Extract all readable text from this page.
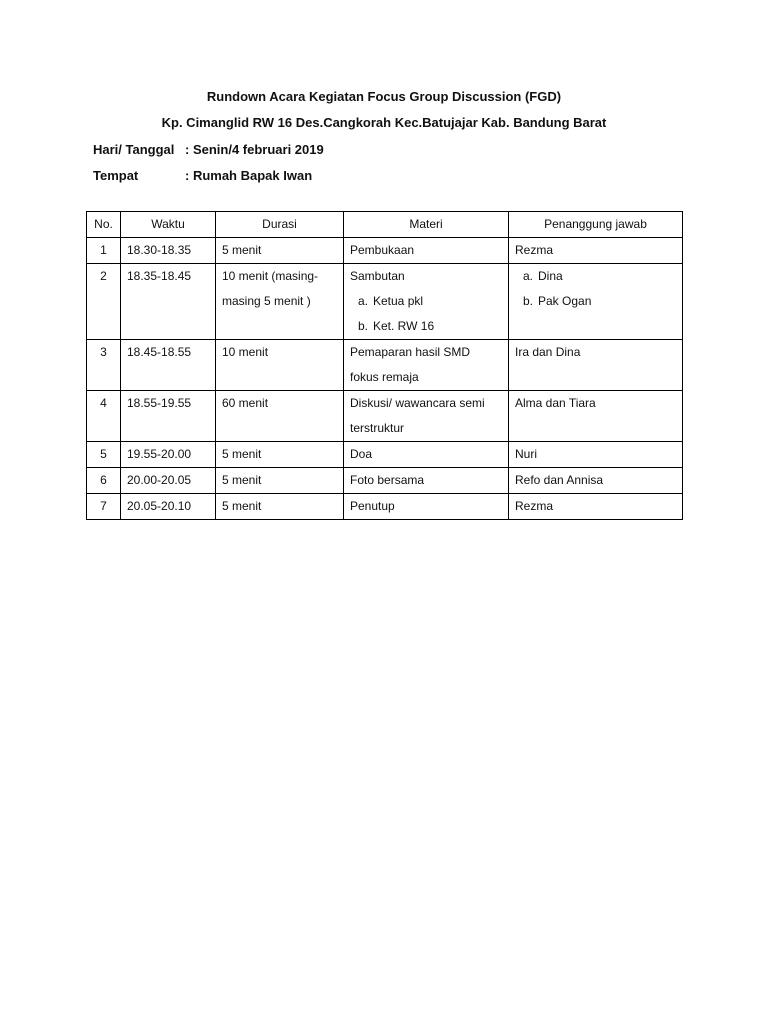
Rundown Acara Kegiatan Focus Group Discussion (FGD)
Kp. Cimanglid RW 16 Des.Cangkorah Kec.Batujajar Kab. Bandung Barat
Hari/ Tanggal : Senin/4 februari 2019
Tempat	: Rumah Bapak Iwan
No.	Waktu	Durasi	Materi	Penanggung jawab
1	18.30-18.35	5 menit	Pembukaan	Rezma

2	18.35-18.45	10 menit (masing-
masing 5 menit )	Sambutan
a. Ketua pkl
b. Ket. RW 16	a. Dina
b. Pak Ogan

3	18.45-18.55	10 menit	Pemaparan hasil SMD
fokus remaja	Ira dan Dina

4	18.55-19.55	60 menit	Diskusi/ wawancara semi
terstruktur	Alma dan Tiara

5	19.55-20.00	5 menit	Doa	Nuri

6	20.00-20.05	5 menit	Foto bersama	Refo dan Annisa

7	20.05-20.10	5 menit	Penutup	Rezma
